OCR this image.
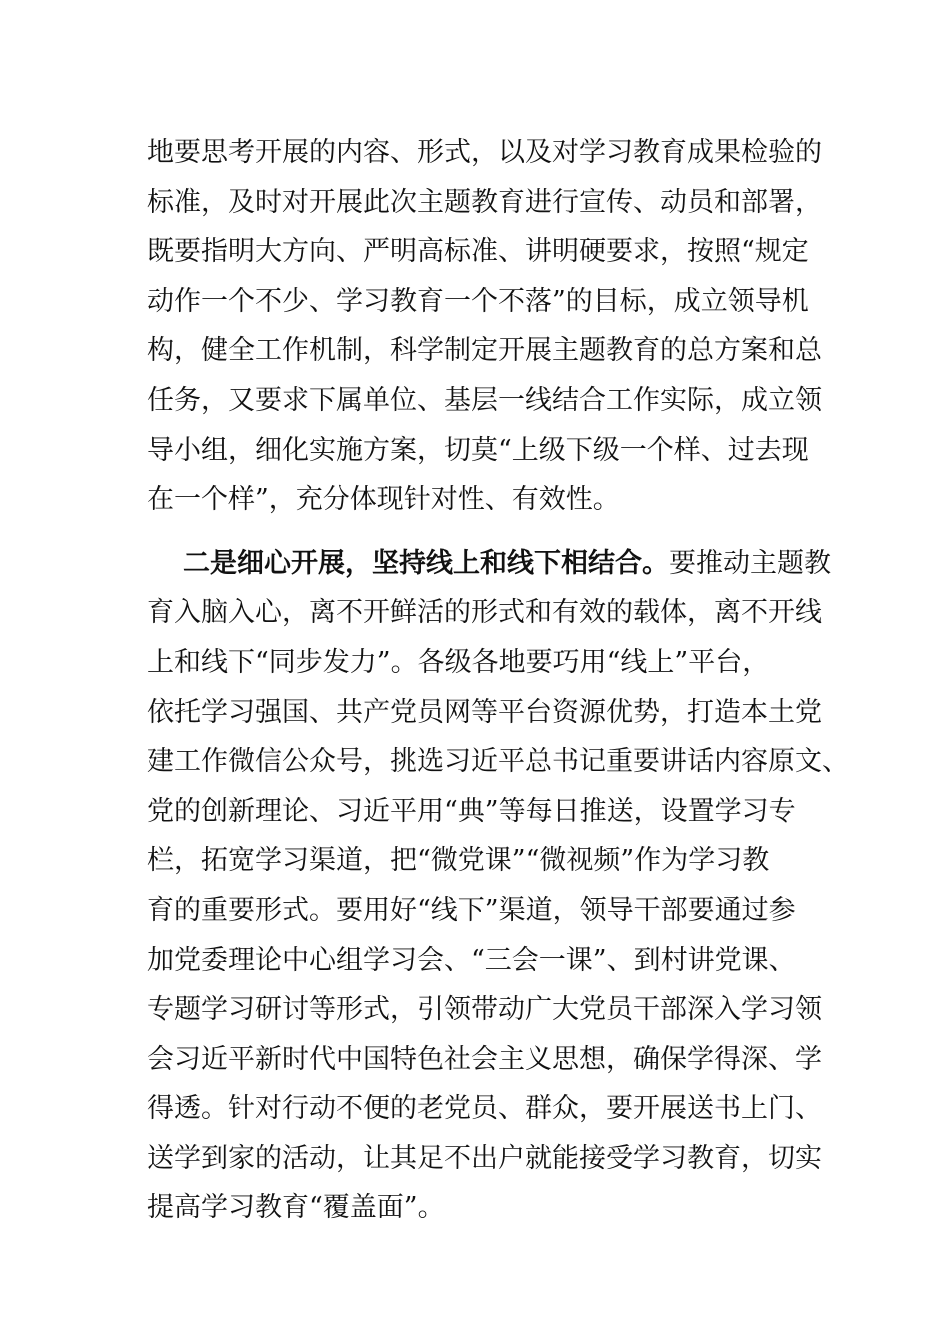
地要思考开展的内容、形式，以及对学习教育成果检验的
标准，及时对开展此次主题教育进行宣传、动员和部署，
既要指明大方向、严明高标准、讲明硬要求，按照“规定
动作一个不少、学习教育一个不落”的目标，成立领导机
构，健全工作机制，科学制定开展主题教育的总方案和总
任务，又要求下属单位、基层一线结合工作实际，成立领
导小组，细化实施方案，切莫“上级下级一个样、过去现
在一个样”，充分体现针对性、有效性。
二是细心开展，坚持线上和线下相结合。要推动主题教
育入脑入心，离不开鲜活的形式和有效的载体，离不开线
上和线下“同步发力”。各级各地要巧用“线上”平台，
依托学习强国、共产党员网等平台资源优势，打造本土党
建工作微信公众号，挑选习近平总书记重要讲话内容原文、
党的创新理论、习近平用“典”等每日推送，设置学习专
栏，拓宽学习渠道，把“微党课”“微视频”作为学习教
育的重要形式。要用好“线下”渠道，领导干部要通过参
加党委理论中心组学习会、“三会一课”、到村讲党课、
专题学习研讨等形式，引领带动广大党员干部深入学习领
会习近平新时代中国特色社会主义思想，确保学得深、学
得透。针对行动不便的老党员、群众，要开展送书上门、
送学到家的活动，让其足不出户就能接受学习教育，切实
提高学习教育“覆盖面”。
